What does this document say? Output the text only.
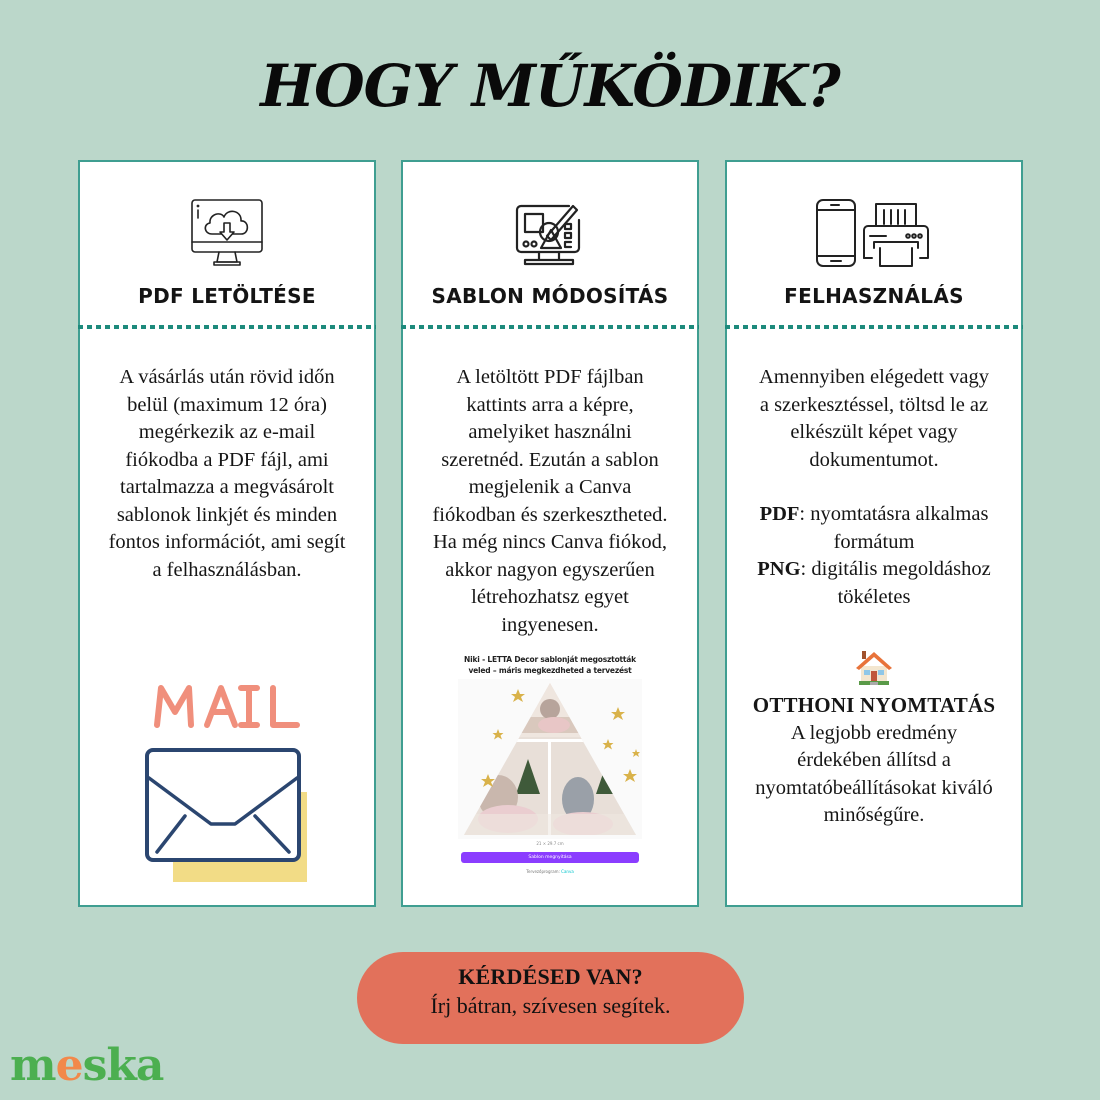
HOGY MŰKÖDIK?
PDF LETÖLTÉSE

A vásárlás után rövid időn

belül (maximum 12 óra)

megérkezik az e-mail

fiókodba a PDF fájl, ami

tartalmazza a megvásárolt

sablonok linkjét és minden

fontos információt, ami segít

a felhasználásban.

SABLON MÓDOSÍTÁS

A letöltött PDF fájlban

kattints arra a képre,

amelyiket használni

szeretnéd. Ezután a sablon

megjelenik a Canva

fiókodban és szerkesztheted.

Ha még nincs Canva fiókod,

akkor nagyon egyszerűen

létrehozhatsz egyet

ingyenesen.

Niki - LETTA Decor sablonját megosztották
veled – máris megkezdheted a tervezést
21 × 29.7 cm
Sablon megnyitása
Tervezőprogram: Canva
FELHASZNÁLÁS

Amennyiben elégedett vagy

a szerkesztéssel, töltsd le az

elkészült képet vagy

dokumentumot.

PDF: nyomtatásra alkalmas

formátum

PNG: digitális megoldáshoz

tökéletes

OTTHONI NYOMTATÁS

A legjobb eredmény

érdekében állítsd a

nyomtatóbeállításokat kiváló

minőségűre.

KÉRDÉSED VAN?
Írj bátran, szívesen segítek.
meska
